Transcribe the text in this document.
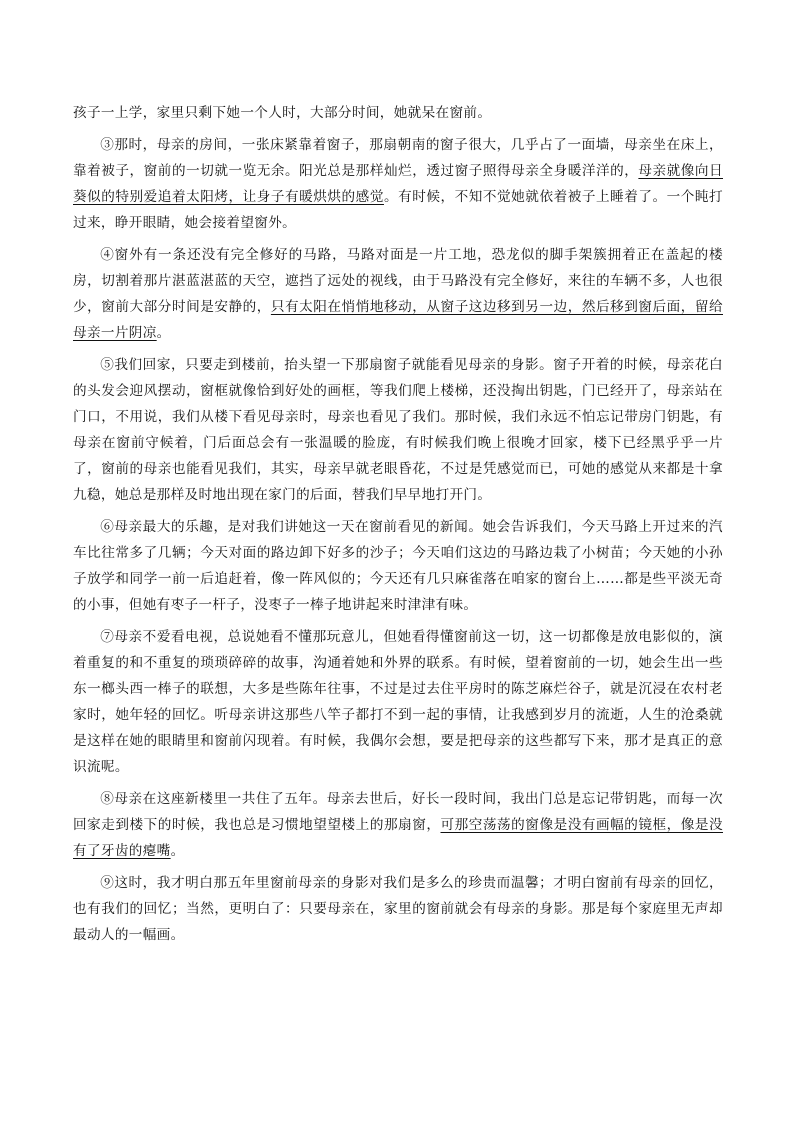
孩子一上学，家里只剩下她一个人时，大部分时间，她就呆在窗前。

③那时，母亲的房间，一张床紧靠着窗子，那扇朝南的窗子很大，几乎占了一面墙，母亲坐在床上，靠着被子，窗前的一切就一览无余。阳光总是那样灿烂，透过窗子照得母亲全身暖洋洋的，母亲就像向日葵似的特别爱追着太阳烤，让身子有暖烘烘的感觉。有时候，不知不觉她就依着被子上睡着了。一个盹打过来，睁开眼睛，她会接着望窗外。

④窗外有一条还没有完全修好的马路，马路对面是一片工地，恐龙似的脚手架簇拥着正在盖起的楼房，切割着那片湛蓝湛蓝的天空，遮挡了远处的视线，由于马路没有完全修好，来往的车辆不多，人也很少，窗前大部分时间是安静的，只有太阳在悄悄地移动，从窗子这边移到另一边，然后移到窗后面，留给母亲一片阴凉。

⑤我们回家，只要走到楼前，抬头望一下那扇窗子就能看见母亲的身影。窗子开着的时候，母亲花白的头发会迎风摆动，窗框就像恰到好处的画框，等我们爬上楼梯，还没掏出钥匙，门已经开了，母亲站在门口，不用说，我们从楼下看见母亲时，母亲也看见了我们。那时候，我们永远不怕忘记带房门钥匙，有母亲在窗前守候着，门后面总会有一张温暖的脸庞，有时候我们晚上很晚才回家，楼下已经黑乎乎一片了，窗前的母亲也能看见我们，其实，母亲早就老眼昏花，不过是凭感觉而已，可她的感觉从来都是十拿九稳，她总是那样及时地出现在家门的后面，替我们早早地打开门。

⑥母亲最大的乐趣，是对我们讲她这一天在窗前看见的新闻。她会告诉我们，今天马路上开过来的汽车比往常多了几辆；今天对面的路边卸下好多的沙子；今天咱们这边的马路边栽了小树苗；今天她的小孙子放学和同学一前一后追赶着，像一阵风似的；今天还有几只麻雀落在咱家的窗台上……都是些平淡无奇的小事，但她有枣子一杆子，没枣子一棒子地讲起来时津津有味。

⑦母亲不爱看电视，总说她看不懂那玩意儿，但她看得懂窗前这一切，这一切都像是放电影似的，演着重复的和不重复的琐琐碎碎的故事，沟通着她和外界的联系。有时候，望着窗前的一切，她会生出一些东一榔头西一棒子的联想，大多是些陈年往事，不过是过去住平房时的陈芝麻烂谷子，就是沉浸在农村老家时，她年轻的回忆。听母亲讲这那些八竿子都打不到一起的事情，让我感到岁月的流逝，人生的沧桑就是这样在她的眼睛里和窗前闪现着。有时候，我偶尔会想，要是把母亲的这些都写下来，那才是真正的意识流呢。

⑧母亲在这座新楼里一共住了五年。母亲去世后，好长一段时间，我出门总是忘记带钥匙，而每一次回家走到楼下的时候，我也总是习惯地望望楼上的那扇窗，可那空荡荡的窗像是没有画幅的镜框，像是没有了牙齿的瘪嘴。

⑨这时，我才明白那五年里窗前母亲的身影对我们是多么的珍贵而温馨；才明白窗前有母亲的回忆，也有我们的回忆；当然，更明白了：只要母亲在，家里的窗前就会有母亲的身影。那是每个家庭里无声却最动人的一幅画。
